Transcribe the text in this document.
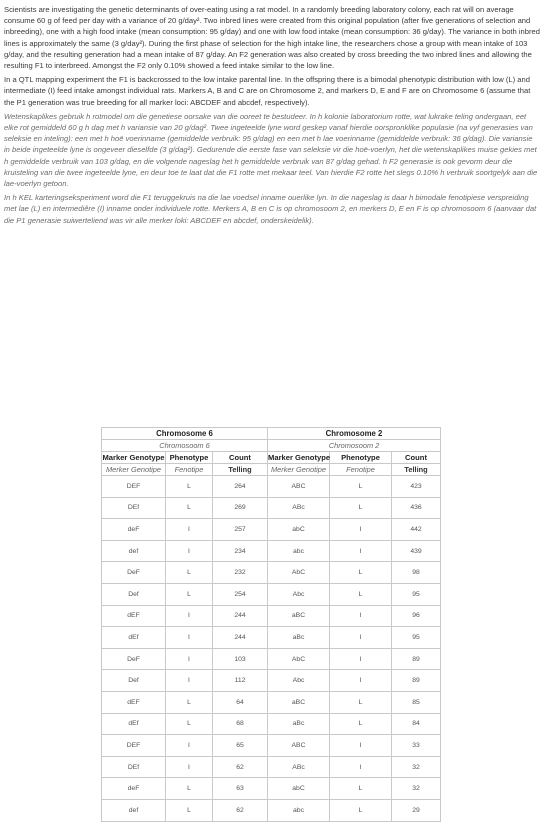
Scientists are investigating the genetic determinants of over-eating using a rat model. In a randomly breeding laboratory colony, each rat will on average consume 60 g of feed per day with a variance of 20 g/day². Two inbred lines were created from this original population (after five generations of selection and inbreeding), one with a high food intake (mean consumption: 95 g/day) and one with low food intake (mean consumption: 36 g/day). The variance in both inbred lines is approximately the same (3 g/day²). During the first phase of selection for the high intake line, the researchers chose a group with mean intake of 103 g/day, and the resulting generation had a mean intake of 87 g/day. An F2 generation was also created by cross breeding the two inbred lines and allowing the resulting F1 to interbreed. Amongst the F2 only 0.10% showed a feed intake similar to the low line.

In a QTL mapping experiment the F1 is backcrossed to the low intake parental line. In the offspring there is a bimodal phenotypic distribution with low (L) and intermediate (I) feed intake amongst individual rats. Markers A, B and C are on Chromosome 2, and markers D, E and F are on Chromosome 6 (assume that the P1 generation was true breeding for all marker loci: ABCDEF and abcdef, respectively).

Wetenskaplikes gebruik h rotmodel om die genetiese oorsake van die ooreet te bestudeer. In h kolonie laboratorium rotte, wat lukrake teling ondergaan, eet elke rot gemiddeld 60 g h dag met h variansie van 20 g/dag². Twee ingeteelde lyne word geskep vanaf hierdie oorspronklike populasie (na vyf generasies van seleksie en inteling): een met h hoë voerinname (gemiddelde verbruik: 95 g/dag) en een met h lae voerinname (gemiddelde verbruik: 36 g/dag). Die variansie in beide ingeteelde lyne is ongeveer dieselfde (3 g/dag²). Gedurende die eerste fase van seleksie vir die hoë-voerlyn, het die wetenskaplikes muise gekies met h gemiddelde verbruik van 103 g/dag, en die volgende nageslag het h gemiddelde verbruik van 87 g/dag gehad. h F2 generasie is ook gevorm deur die kruisteling van die twee ingeteelde lyne, en deur toe te laat dat die F1 rotte met mekaar teel. Van hierdie F2 rotte het slegs 0.10% h verbruik soortgelyk aan die lae-voerlyn getoon.

In h KEL karteringseksperiment word die F1 teruggekruis na die lae voedsel inname ouerlike lyn. In die nageslag is daar h bimodale fenotipiese verspreiding met lae (L) en intermediêre (I) inname onder individuele rotte. Merkers A, B en C is op chromosoom 2, en merkers D, E en F is op chromosoom 6 (aanvaar dat die P1 generasie suiwerteliend was vir alle merker loki: ABCDEF en abcdef, onderskeidelik).

Chromosome 6			Chromosome 2		
Chromosoom 6			Chromosoom 2		
Marker Genotype	Phenotype	Count	Marker Genotype	Phenotype	Count
Merker Genotipe	Fenotipe	Telling	Merker Genotipe	Fenotipe	Telling
DEF	L	264	ABC	L	423
DEf	L	269	ABc	L	436
deF	I	257	abC	I	442
def	I	234	abc	I	439
DeF	L	232	AbC	L	98
Def	L	254	Abc	L	95
dEF	I	244	aBC	I	96
dEf	I	244	aBc	I	95
DeF	I	103	AbC	I	89
Def	I	112	Abc	I	89
dEF	L	64	aBC	L	85
dEf	L	68	aBc	L	84
DEF	I	65	ABC	I	33
DEf	I	62	ABc	I	32
deF	L	63	abC	L	32
def	L	62	abc	L	29
